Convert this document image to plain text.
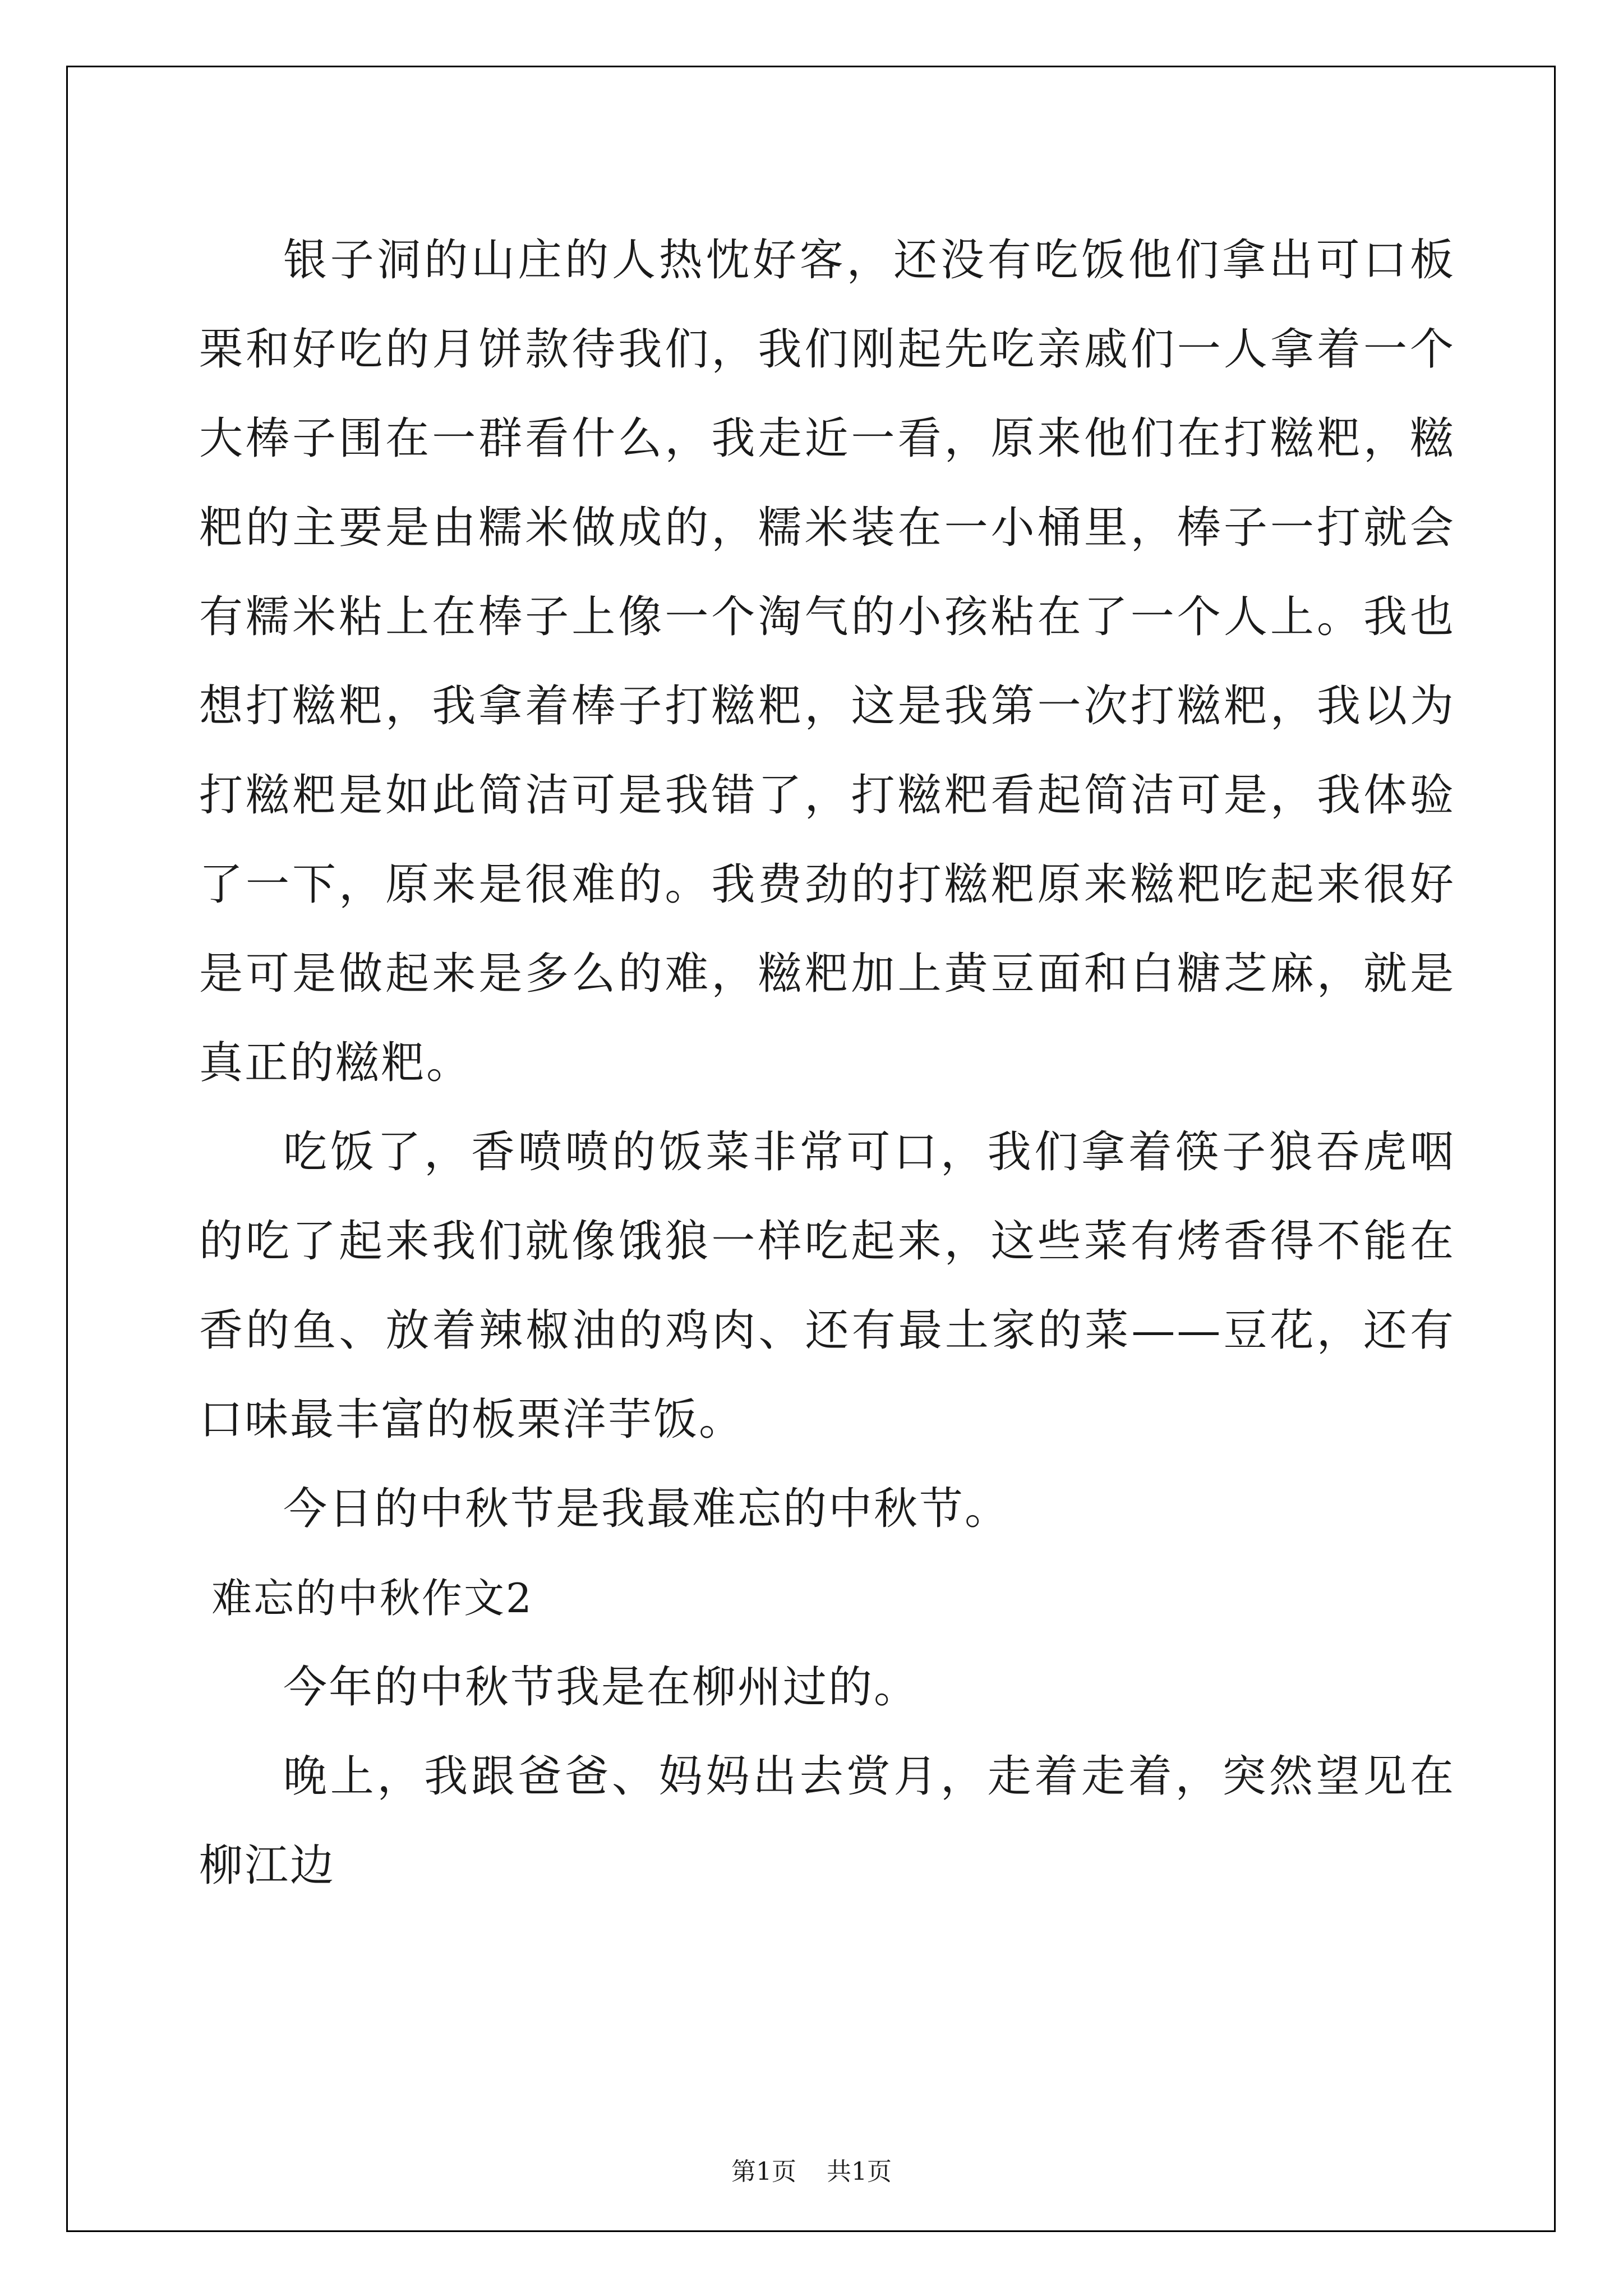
银子洞的山庄的人热忱好客，还没有吃饭他们拿出可口板栗和好吃的月饼款待我们，我们刚起先吃亲戚们一人拿着一个大棒子围在一群看什么，我走近一看，原来他们在打糍粑，糍粑的主要是由糯米做成的，糯米装在一小桶里，棒子一打就会有糯米粘上在棒子上像一个淘气的小孩粘在了一个人上。我也想打糍粑，我拿着棒子打糍粑，这是我第一次打糍粑，我以为打糍粑是如此简洁可是我错了，打糍粑看起简洁可是，我体验了一下，原来是很难的。我费劲的打糍粑原来糍粑吃起来很好是可是做起来是多么的难，糍粑加上黄豆面和白糖芝麻，就是真正的糍粑。

吃饭了，香喷喷的饭菜非常可口，我们拿着筷子狼吞虎咽的吃了起来我们就像饿狼一样吃起来，这些菜有烤香得不能在香的鱼、放着辣椒油的鸡肉、还有最土家的菜——豆花，还有口味最丰富的板栗洋芋饭。

今日的中秋节是我最难忘的中秋节。

难忘的中秋作文2

今年的中秋节我是在柳州过的。

晚上，我跟爸爸、妈妈出去赏月，走着走着，突然望见在柳江边

第1页 共1页
